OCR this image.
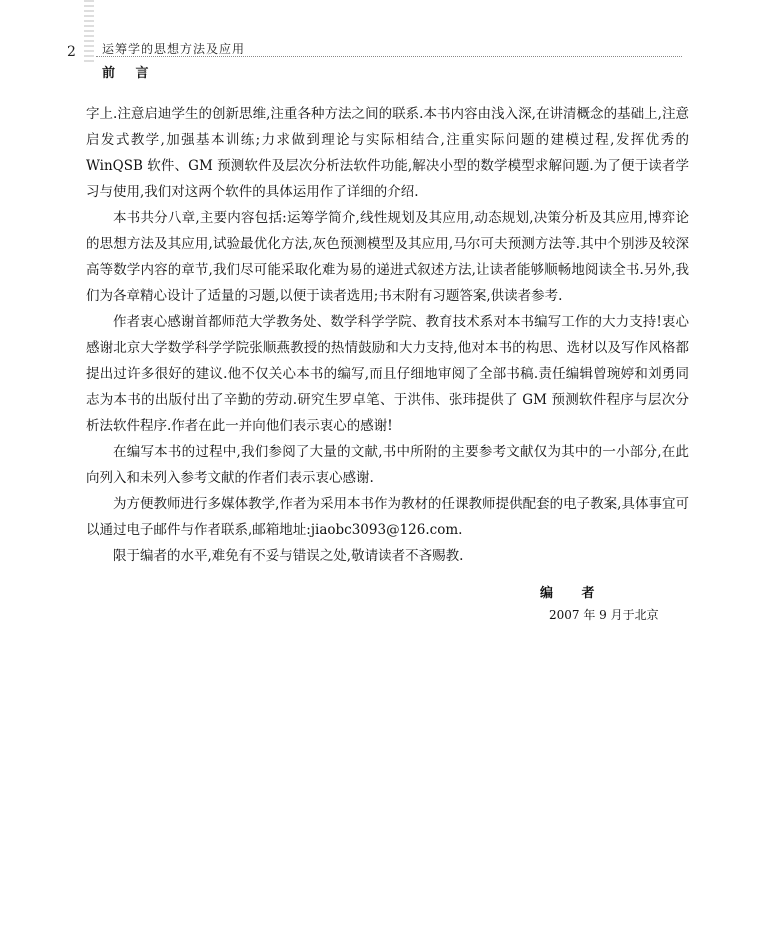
2 运筹学的思想方法及应用
前 言

字上.注意启迪学生的创新思维,注重各种方法之间的联系.本书内容由浅入深,在讲清概念的基础上,注意启发式教学,加强基本训练;力求做到理论与实际相结合,注重实际问题的建模过程,发挥优秀的 WinQSB 软件、GM 预测软件及层次分析法软件功能,解决小型的数学模型求解问题.为了便于读者学习与使用,我们对这两个软件的具体运用作了详细的介绍.

本书共分八章,主要内容包括:运筹学简介,线性规划及其应用,动态规划,决策分析及其应用,博弈论的思想方法及其应用,试验最优化方法,灰色预测模型及其应用,马尔可夫预测方法等.其中个别涉及较深高等数学内容的章节,我们尽可能采取化难为易的递进式叙述方法,让读者能够顺畅地阅读全书.另外,我们为各章精心设计了适量的习题,以便于读者选用;书末附有习题答案,供读者参考.

作者衷心感谢首都师范大学教务处、数学科学学院、教育技术系对本书编写工作的大力支持!衷心感谢北京大学数学科学学院张顺燕教授的热情鼓励和大力支持,他对本书的构思、选材以及写作风格都提出过许多很好的建议.他不仅关心本书的编写,而且仔细地审阅了全部书稿.责任编辑曾琬婷和刘勇同志为本书的出版付出了辛勤的劳动.研究生罗卓笔、于洪伟、张玮提供了 GM 预测软件程序与层次分析法软件程序.作者在此一并向他们表示衷心的感谢!

在编写本书的过程中,我们参阅了大量的文献,书中所附的主要参考文献仅为其中的一小部分,在此向列入和未列入参考文献的作者们表示衷心感谢.

为方便教师进行多媒体教学,作者为采用本书作为教材的任课教师提供配套的电子教案,具体事宜可以通过电子邮件与作者联系,邮箱地址:jiaobc3093@126.com.

限于编者的水平,难免有不妥与错误之处,敬请读者不吝赐教.

编 者
2007 年 9 月于北京
